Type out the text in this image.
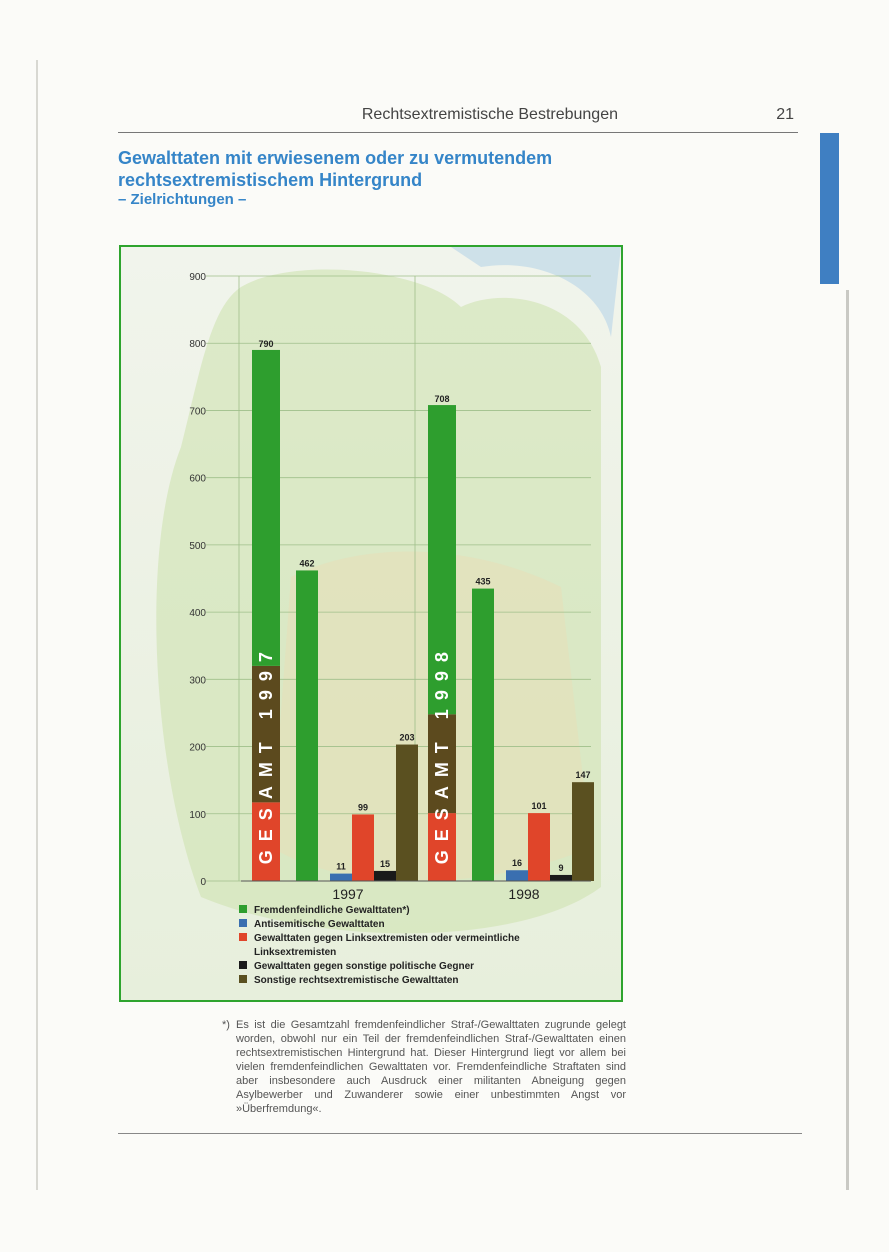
Rechtsextremistische Bestrebungen	21
Gewalttaten mit erwiesenem oder zu vermutendem rechtsextremistischem Hintergrund
– Zielrichtungen –
0
100
200
300
400
500
600
700
800
900
790
GESAMT 1997
708
GESAMT 1998
462
435
11	16
99	101
15	9
203
147
1997	1998
Fremdenfeindliche Gewalttaten*)
Antisemitische Gewalttaten
Gewalttaten gegen Linksextremisten oder vermeintliche
Linksextremisten
Gewalttaten gegen sonstige politische Gegner
Sonstige rechtsextremistische Gewalttaten
*) Es ist die Gesamtzahl fremdenfeindlicher Straf-/Gewalttaten zugrunde gelegt worden, obwohl nur ein Teil der fremdenfeindlichen Straf-/Gewalttaten einen rechtsextremistischen Hintergrund hat. Dieser Hintergrund liegt vor allem bei vielen fremdenfeindlichen Gewalttaten vor. Fremdenfeindliche Straftaten sind aber insbesondere auch Ausdruck einer militanten Abneigung gegen Asylbewerber und Zuwanderer sowie einer unbestimmten Angst vor »Überfremdung«.
